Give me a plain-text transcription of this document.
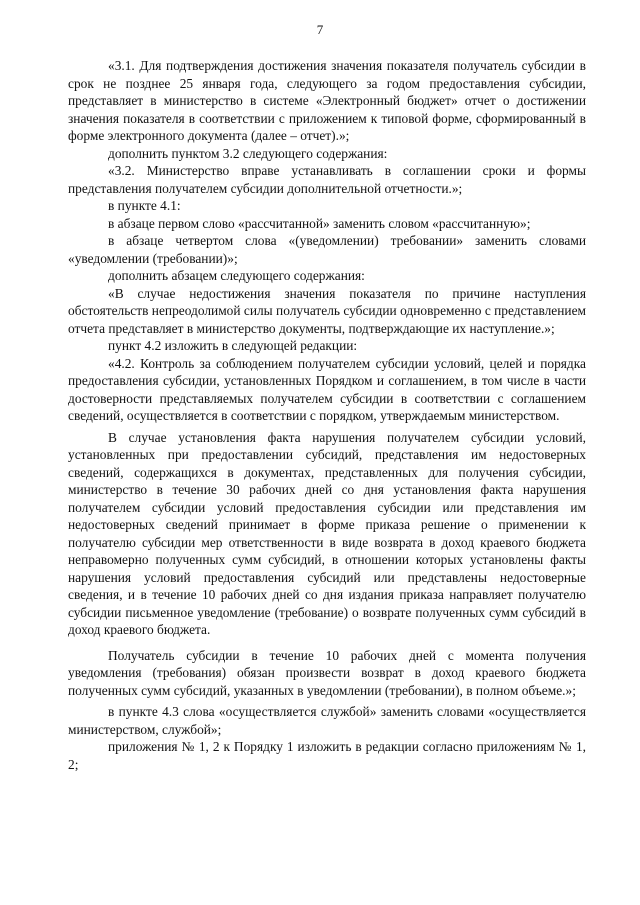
7

«3.1. Для подтверждения достижения значения показателя получатель субсидии в срок не позднее 25 января года, следующего за годом предоставления субсидии, представляет в министерство в системе «Электронный бюджет» отчет о достижении значения показателя в соответствии с приложением к типовой форме, сформированный в форме электронного документа (далее – отчет).»;

дополнить пунктом 3.2 следующего содержания:

«3.2. Министерство вправе устанавливать в соглашении сроки и формы представления получателем субсидии дополнительной отчетности.»;

в пункте 4.1:

в абзаце первом слово «рассчитанной» заменить словом «рассчитанную»;

в абзаце четвертом слова «(уведомлении) требовании» заменить словами «уведомлении (требовании)»;

дополнить абзацем следующего содержания:

«В случае недостижения значения показателя по причине наступления обстоятельств непреодолимой силы получатель субсидии одновременно с представлением отчета представляет в министерство документы, подтверждающие их наступление.»;

пункт 4.2 изложить в следующей редакции:

«4.2. Контроль за соблюдением получателем субсидии условий, целей и порядка предоставления субсидии, установленных Порядком и соглашением, в том числе в части достоверности представляемых получателем субсидии в соответствии с соглашением сведений, осуществляется в соответствии с порядком, утверждаемым министерством.

В случае установления факта нарушения получателем субсидии условий, установленных при предоставлении субсидий, представления им недостоверных сведений, содержащихся в документах, представленных для получения субсидии, министерство в течение 30 рабочих дней со дня установления факта нарушения получателем субсидии условий предоставления субсидии или представления им недостоверных сведений принимает в форме приказа решение о применении к получателю субсидии мер ответственности в виде возврата в доход краевого бюджета неправомерно полученных сумм субсидий, в отношении которых установлены факты нарушения условий предоставления субсидий или представлены недостоверные сведения, и в течение 10 рабочих дней со дня издания приказа направляет получателю субсидии письменное уведомление (требование) о возврате полученных сумм субсидий в доход краевого бюджета.

Получатель субсидии в течение 10 рабочих дней с момента получения уведомления (требования) обязан произвести возврат в доход краевого бюджета полученных сумм субсидий, указанных в уведомлении (требовании), в полном объеме.»;

в пункте 4.3 слова «осуществляется службой» заменить словами «осуществляется министерством, службой»;

приложения № 1, 2 к Порядку 1 изложить в редакции согласно приложениям № 1, 2;
